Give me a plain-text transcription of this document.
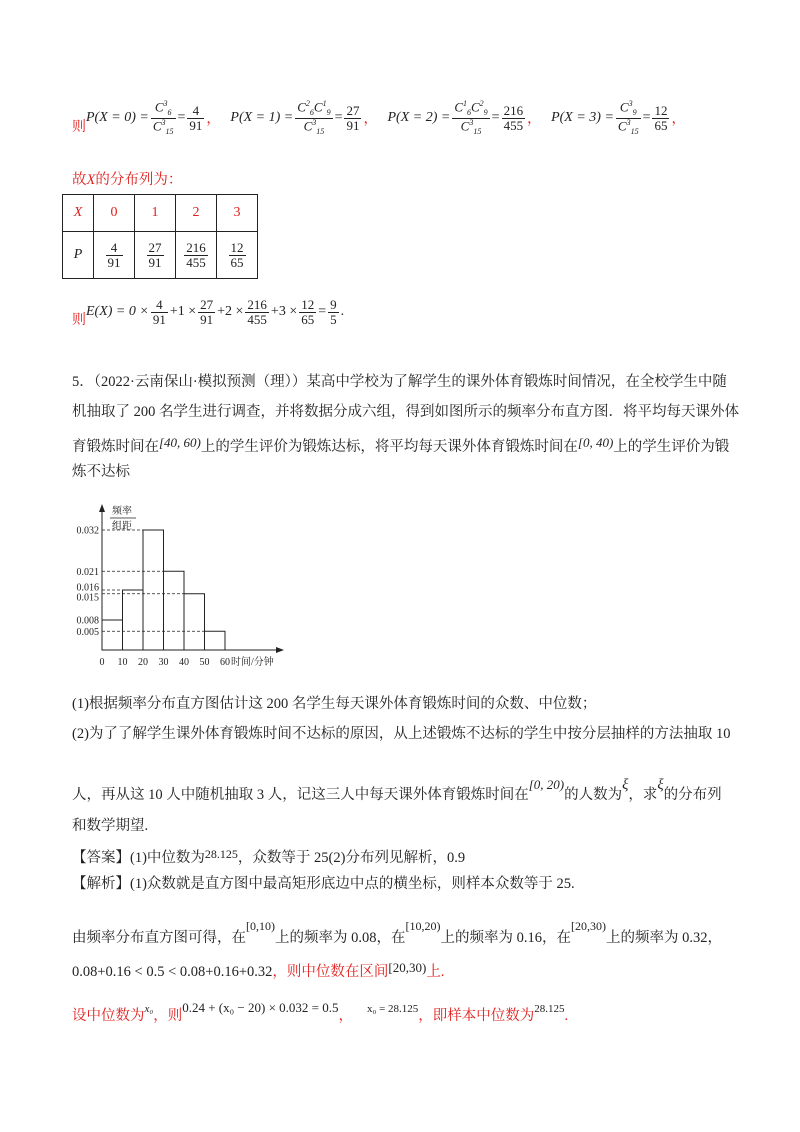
则
$P(X = 0) = \frac{C^3_6}{C^3_{15}} = \frac{4}{91}$ ， $P(X = 1) = \frac{C^2_6C^1_9}{C^3_{15}} = \frac{27}{91}$ ， $P(X = 2) = \frac{C^1_6C^2_9}{C^3_{15}} = \frac{216}{455}$ ， $P(X = 3) = \frac{C^3_9}{C^3_{15}} = \frac{12}{65}$ ，
故X的分布列为：
X	0	1	2	3
P	$\frac{4}{91}$	$\frac{27}{91}$	$\frac{216}{455}$	$\frac{12}{65}$
则
$E(X) = 0 \times \frac{4}{91} +1 \times \frac{27}{91} +2 \times \frac{216}{455} +3 \times \frac{12}{65} = \frac{9}{5}$ .
5．（2022·云南保山·模拟预测（理））某高中学校为了解学生的课外体育锻炼时间情况，在全校学生中随
机抽取了 200 名学生进行调查，并将数据分成六组，得到如图所示的频率分布直方图．将平均每天课外体
育锻炼时间在[40, 60)上的学生评价为锻炼达标，将平均每天课外体育锻炼时间在[0, 40)上的学生评价为锻
炼不达标
0.032
0.021
0.016
0.015
0.008
0.005
0 10 20 30 40 50 60 时间/分钟
频率
组距
(1)根据频率分布直方图估计这 200 名学生每天课外体育锻炼时间的众数、中位数；
(2)为了了解学生课外体育锻炼时间不达标的原因，从上述锻炼不达标的学生中按分层抽样的方法抽取 10
人，再从这 10 人中随机抽取 3 人，记这三人中每天课外体育锻炼时间在[0, 20)的人数为ξ，求ξ的分布列
和数学期望.
【答案】(1)中位数为$^{28.125}$，众数等于 25(2)分布列见解析，0.9
【解析】(1)众数就是直方图中最高矩形底边中点的横坐标，则样本众数等于 25.
由频率分布直方图可得，在$^{[0,10)}$上的频率为 0.08，在$^{[10,20)}$上的频率为 0.16，在$^{[20,30)}$上的频率为 0.32，
0.08+0.16 < 0.5 < 0.08+0.16+0.32，则中位数在区间[20,30)上.
设中位数为$^{x_0}$，则0.24 + (x₀ − 20) × 0.032 = 0.5， $^{x_0 = 28.125}$，即样本中位数为$^{28.125}$.
